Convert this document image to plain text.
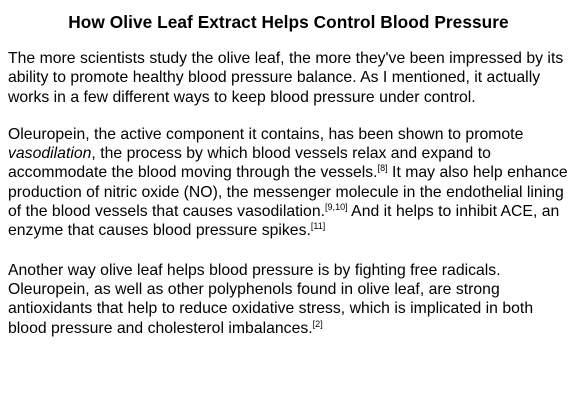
How Olive Leaf Extract Helps Control Blood Pressure

The more scientists study the olive leaf, the more they've been impressed by its ability to promote healthy blood pressure balance. As I mentioned, it actually works in a few different ways to keep blood pressure under control.

Oleuropein, the active component it contains, has been shown to promote vasodilation, the process by which blood vessels relax and expand to accommodate the blood moving through the vessels.[8] It may also help enhance production of nitric oxide (NO), the messenger molecule in the endothelial lining of the blood vessels that causes vasodilation.[9,10] And it helps to inhibit ACE, an enzyme that causes blood pressure spikes.[11]

Another way olive leaf helps blood pressure is by fighting free radicals. Oleuropein, as well as other polyphenols found in olive leaf, are strong antioxidants that help to reduce oxidative stress, which is implicated in both blood pressure and cholesterol imbalances.[2]
